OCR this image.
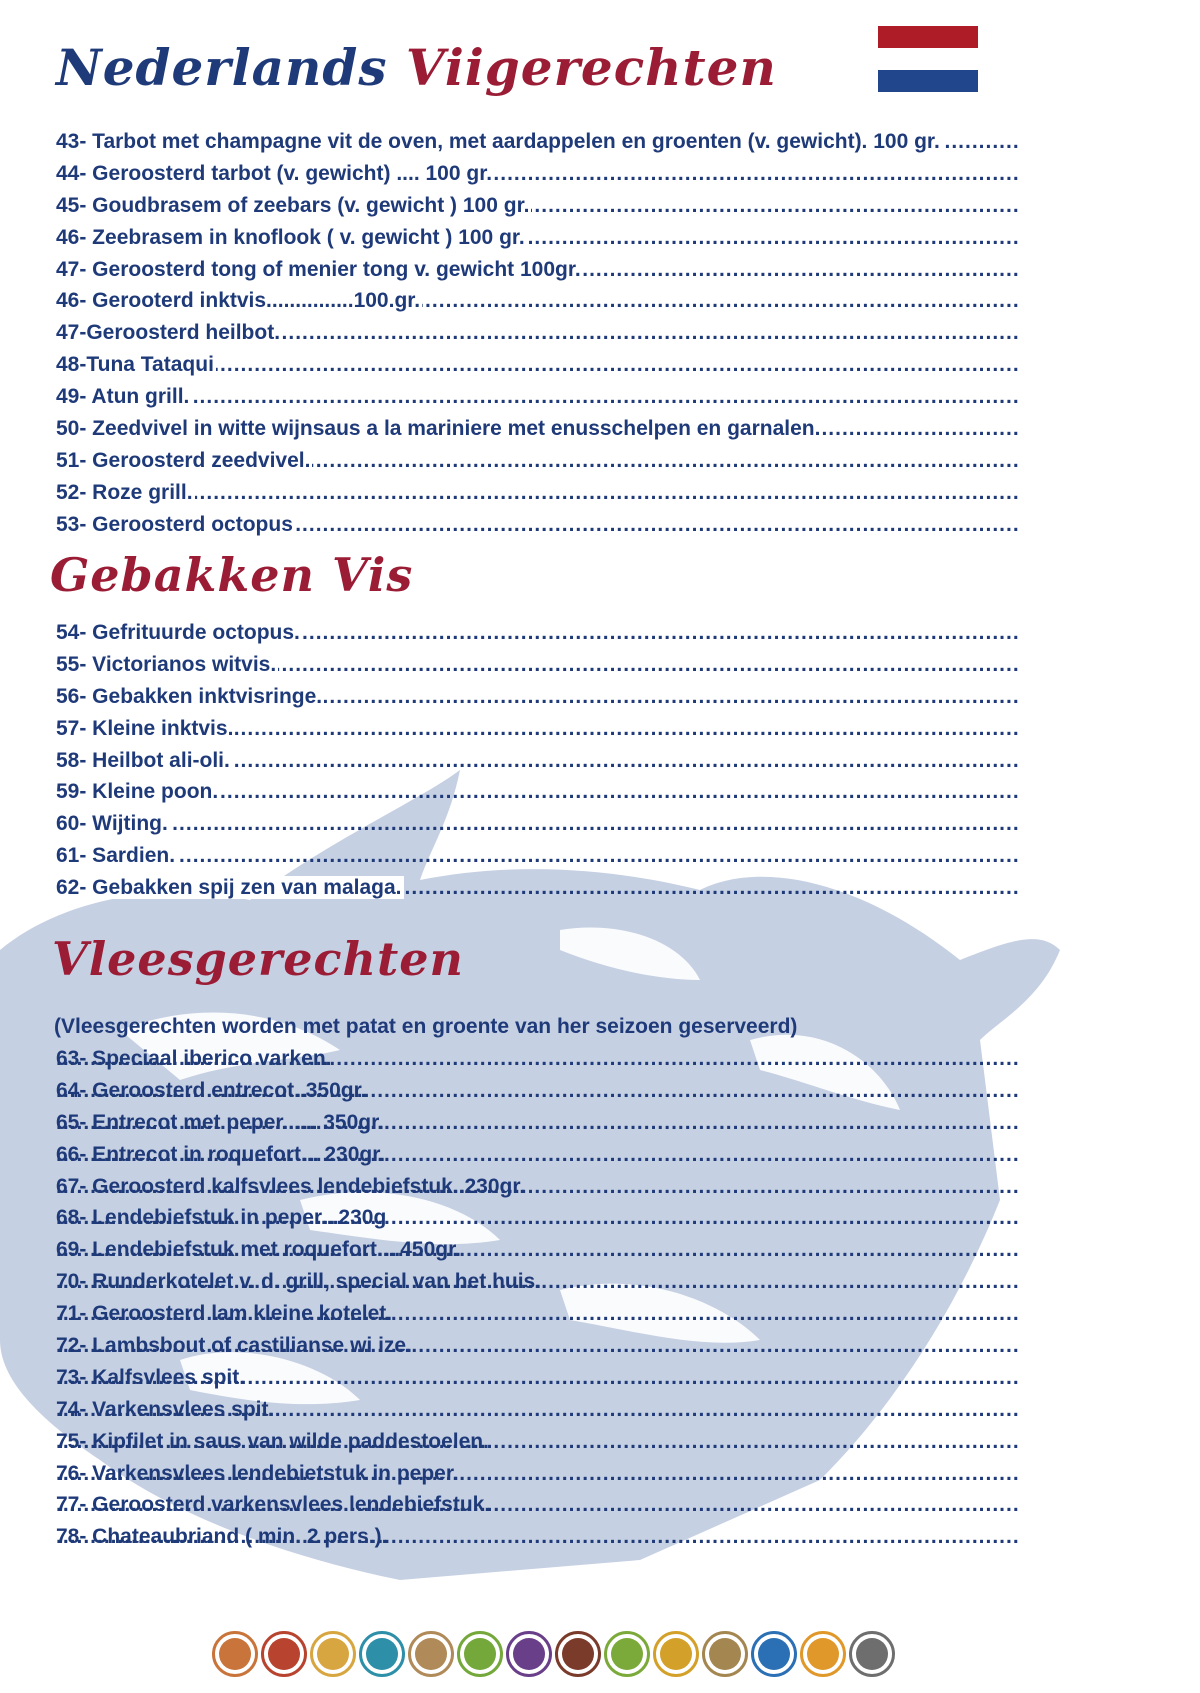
Nederlands Viigerechten
43- Tarbot met champagne vit de oven, met aardappelen en groenten (v. gewicht). 100 gr. .....
44- Geroosterd tarbot (v. gewicht) .... 100 gr. .....
45- Goudbrasem of zeebars (v. gewicht ) 100 gr. .....
46- Zeebrasem in knoflook ( v. gewicht ) 100 gr. .....
47- Geroosterd tong of menier tong v. gewicht 100gr. .....
46- Gerooterd inktvis...............100.gr. .....
47-Geroosterd heilbot. .....
48-Tuna Tataqui .....
49- Atun grill. .....
50- Zeedvivel in witte wijnsaus a la mariniere met enusschelpen en garnalen. .....
51- Geroosterd zeedvivel. .....
52- Roze grill. .....
53- Geroosterd octopus .....
Gebakken Vis
54- Gefrituurde octopus. .....
55- Victorianos witvis. .....
56- Gebakken inktvisringe. .....
57- Kleine inktvis. .....
58- Heilbot ali-oli. .....
59- Kleine poon. .....
60- Wijting. .....
61- Sardien. .....
62- Gebakken spij zen van malaga. .....
Vleesgerechten

(Vleesgerechten worden met patat en groente van her seizoen geserveerd)

63- Speciaal iberico varken. .....
64- Geroosterd entrecot..350gr. .....
65- Entrecot met peper...... 350gr. .....
66- Entrecot in roquefort... 230gr. .....
67- Geroosterd kalfsvlees lendebiefstuk..230gr. .....
68- Lendebiefstuk in peper...230g .....
69- Lendebiefstuk met roquefort....450gr. .....
70- Runderkotelet v. d. grill, special van het huis. .....
71- Geroosterd lam kleine kotelet. .....
72- Lambsbout of castiliansе wi ize. .....
73- Kalfsvlees spit. .....
74- Varkensvlees spit. .....
75- Kipfilet in saus van wilde paddestoelen. .....
76- Varkensvlees lendebietstuk in peper. .....
77- Geroosterd varkensvlees lendebiefstuk. .....
78- Chateaubriand ( min. 2 pers.). .....
